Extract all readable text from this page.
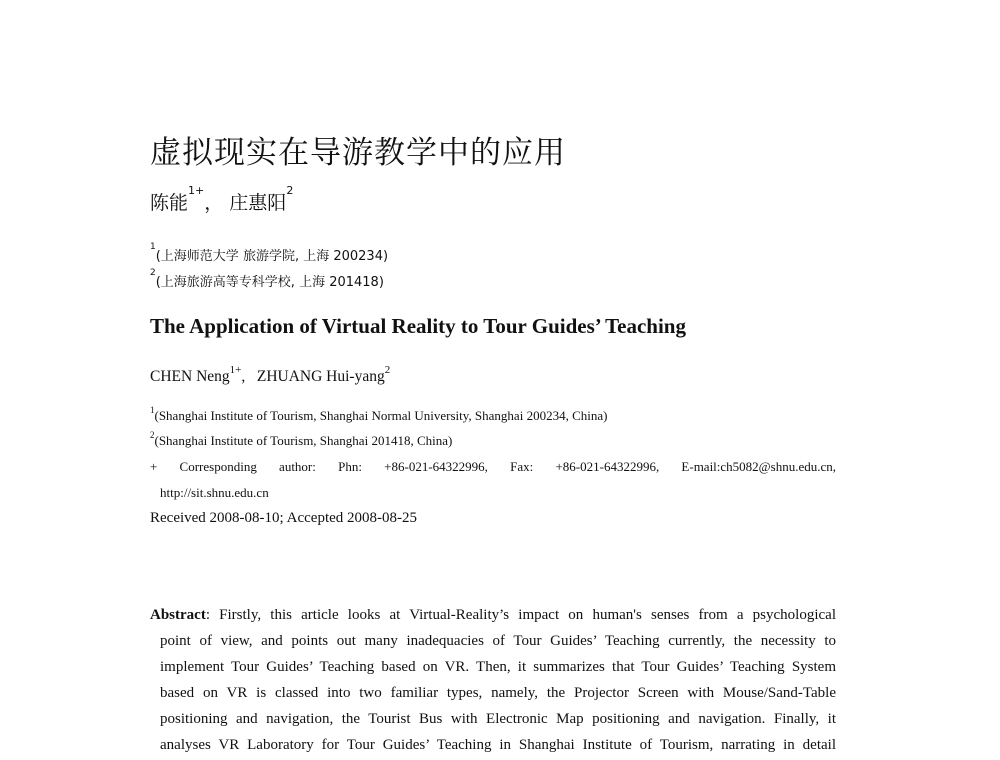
虚拟现实在导游教学中的应用
陈能$^{1+}$， 庄惠阳$^2$
$^1$(上海师范大学 旅游学院, 上海 200234)
$^2$(上海旅游高等专科学校, 上海 201418)
The Application of Virtual Reality to Tour Guides’ Teaching
CHEN Neng$^{1+}$, ZHUANG Hui-yang$^2$
$^1$(Shanghai Institute of Tourism, Shanghai Normal University, Shanghai 200234, China)
$^2$(Shanghai Institute of Tourism, Shanghai 201418, China)
+ Corresponding author: Phn: +86-021-64322996, Fax: +86-021-64322996, E-mail:ch5082@shnu.edu.cn,
http://sit.shnu.edu.cn
Received 2008-08-10; Accepted 2008-08-25
Abstract: Firstly, this article looks at Virtual-Reality’s impact on human's senses from a psychological
point of view, and points out many inadequacies of Tour Guides’ Teaching currently, the necessity to
implement Tour Guides’ Teaching based on VR. Then, it summarizes that Tour Guides’ Teaching System
based on VR is classed into two familiar types, namely, the Projector Screen with Mouse/Sand-Table
positioning and navigation, the Tourist Bus with Electronic Map positioning and navigation. Finally, it
analyses VR Laboratory for Tour Guides’ Teaching in Shanghai Institute of Tourism, narrating in detail
